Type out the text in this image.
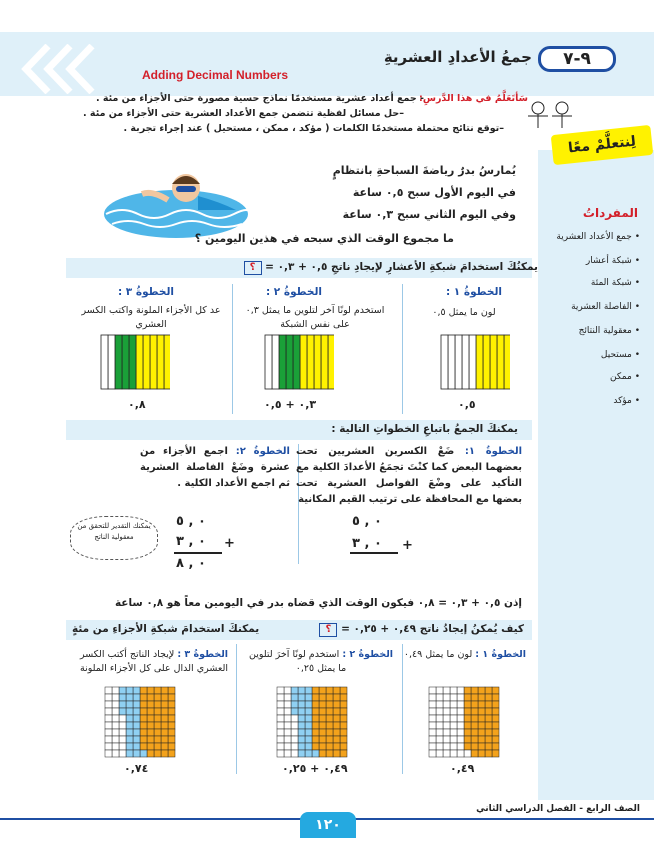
٩-٧
جمعُ الأعدادِ العشريةِ
Adding Decimal Numbers
سَأتَعَلَّمُ في هذا الدَّرسِ:
- جمع أعداد عشرية مستخدمًا نماذج حسية مصورة حتى الأجزاء من مئة .
–حل مسائل لفظية تتضمن جمع الأعداد العشرية حتى الأجزاء من مئة .
–توقع نتائج محتملة مستخدمًا الكلمات ( مؤكد ، ممكن ، مستحيل ) عند إجراء تجربة .
لِنتعلَّمْ معًا
المفرداتُ
• جمع الأعداد العشرية
• شبكة أعشار
• شبكة المئة
• الفاصلة العشرية
• معقولية النتائج
• مستحيل
• ممكن
• مؤكد
يُمارسُ بدرٌ رياضةَ السباحةِ بانتظامٍ
في اليوم الأول سبح ٠,٥ ساعة
وفي اليوم الثاني سبح ٠,٣ ساعة
ما مجموع الوقت الذي سبحه في هذين اليومين ؟
يمكنُكَ استخدامَ شبكةِ الأعشارِ لإيجادِ ناتجِ ٠,٥ + ٠,٣ = ؟
الخطوةُ ١ :
لون ما يمثل ٠,٥
٠,٥
الخطوةُ ٢ :
استخدم لونًا آخر لتلوين ما يمثل ٠,٣ على نفس الشبكة
٠,٣ + ٠,٥
الخطوةُ ٣ :
عد كل الأجزاء الملونة واكتب الكسر العشري
٠,٨
يمكنكَ الجمعُ باتباعِ الخطواتِ التالية :
الخطوةُ ١: ضَعْ الكسرين العشريين تحت بعضهما البعض كما كنْتَ تجمَعُ الأعدادَ الكلية مع التأكيد على وضْعَ الفواصل العشرية تحت بعضها مع المحافظة على ترتيب القيم المكانية
الخطوةُ ٢: اجمع الأجزاء من عشرة وضَعْ الفاصلة العشرية ثم اجمع الأعداد الكلية .
يمكنك التقدير للتحقق من معقولية الناتج
٠ , ٥
٠ , ٣ +
٠ , ٥
٠ , ٣ +
٠ , ٨
إذن ٠,٥ + ٠,٣ = ٠,٨ فيكون الوقت الذي قضاه بدر في اليومين معاً هو ٠,٨ ساعة
كيف يُمكنُ إيجادُ ناتج ٠,٤٩ + ٠,٢٥ = ؟
يمكنكَ استخدامَ شبكةِ الأجزاءِ من مئةٍ
الخطوةُ ١ : لون ما يمثل ٠,٤٩
الخطوةُ ٢ : استخدم لونًا آخرَ لتلوين ما يمثل ٠,٢٥
الخطوةُ ٣ : لإيجاد الناتج أكتب الكسر العشري الدال على كل الأجزاء الملونة
٠,٤٩
٠,٤٩ + ٠,٢٥
٠,٧٤
١٢٠
الصف الرابع - الفصل الدراسي الثاني
